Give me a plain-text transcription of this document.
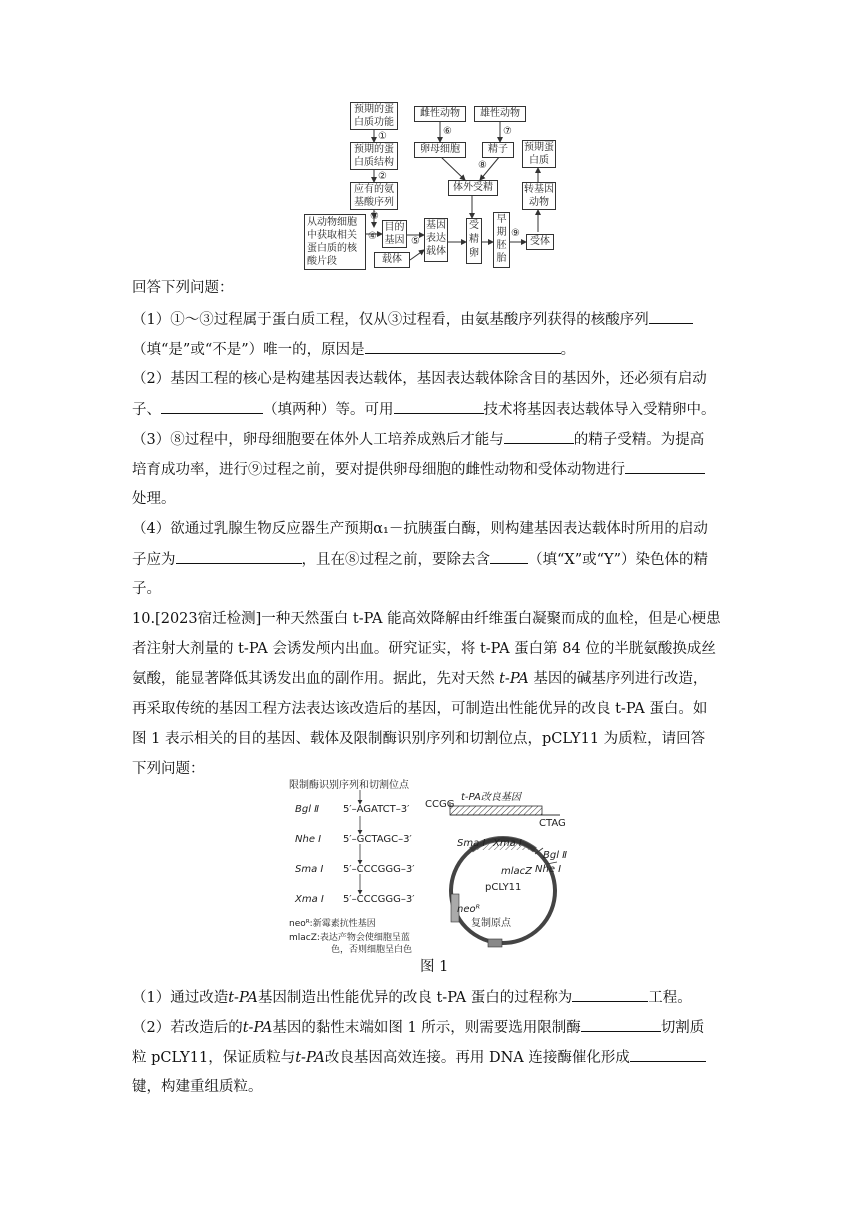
预期的蛋白质功能
①
预期的蛋白质结构
②
应有的氨基酸序列
③
从动物细胞中获取相关蛋白质的核酸片段
④
目的基因 ⑤
载体
基因表达载体
雌性动物
⑥
雄性动物
⑦
卵母细胞	精子
⑧
体外受精
受精卵
早期胚胎
⑨
受体
转基因动物
预期蛋白质
回答下列问题：
（1）①～③过程属于蛋白质工程，仅从③过程看，由氨基酸序列获得的核酸序列
（填“是”或“不是”）唯一的，原因是	。
（2）基因工程的核心是构建基因表达载体，基因表达载体除含目的基因外，还必须有启动
子、	（填两种）等。可用	技术将基因表达载体导入受精卵中。
（3）⑧过程中，卵母细胞要在体外人工培养成熟后才能与	的精子受精。为提高
培育成功率，进行⑨过程之前，要对提供卵母细胞的雌性动物和受体动物进行
处理。
（4）欲通过乳腺生物反应器生产预期α₁－抗胰蛋白酶，则构建基因表达载体时所用的启动
子应为	，且在⑧过程之前，要除去含	（填“X”或“Y”）染色体的精
子。
10.[2023宿迁检测]一种天然蛋白 t-PA 能高效降解由纤维蛋白凝聚而成的血栓，但是心梗患
者注射大剂量的 t-PA 会诱发颅内出血。研究证实，将 t-PA 蛋白第 84 位的半胱氨酸换成丝
氨酸，能显著降低其诱发出血的副作用。据此，先对天然 t-PA 基因的碱基序列进行改造，
再采取传统的基因工程方法表达该改造后的基因，可制造出性能优异的改良 t-PA 蛋白。如
图 1 表示相关的目的基因、载体及限制酶识别序列和切割位点，pCLY11 为质粒，请回答
下列问题：
限制酶识别序列和切割位点
Bgl Ⅱ 5′–AGATCT–3′
Nhe Ⅰ 5′–GCTAGC–3′
Sma Ⅰ 5′–CCCGGG–3′
Xma Ⅰ 5′–CCCGGG–3′
neoᴿ:新霉素抗性基因
mlacZ:表达产物会使细胞呈蓝
色，否则细胞呈白色
t-PA改良基因
CCGG
CTAG
Sma Ⅰ Xma Ⅰ
Bgl Ⅱ
Nhe Ⅰ
mlacZ
pCLY11
neoᴿ
复制原点
图 1
（1）通过改造t-PA基因制造出性能优异的改良 t-PA 蛋白的过程称为	工程。
（2）若改造后的t-PA基因的黏性末端如图 1 所示，则需要选用限制酶	切割质
粒 pCLY11，保证质粒与t-PA改良基因高效连接。再用 DNA 连接酶催化形成
键，构建重组质粒。
